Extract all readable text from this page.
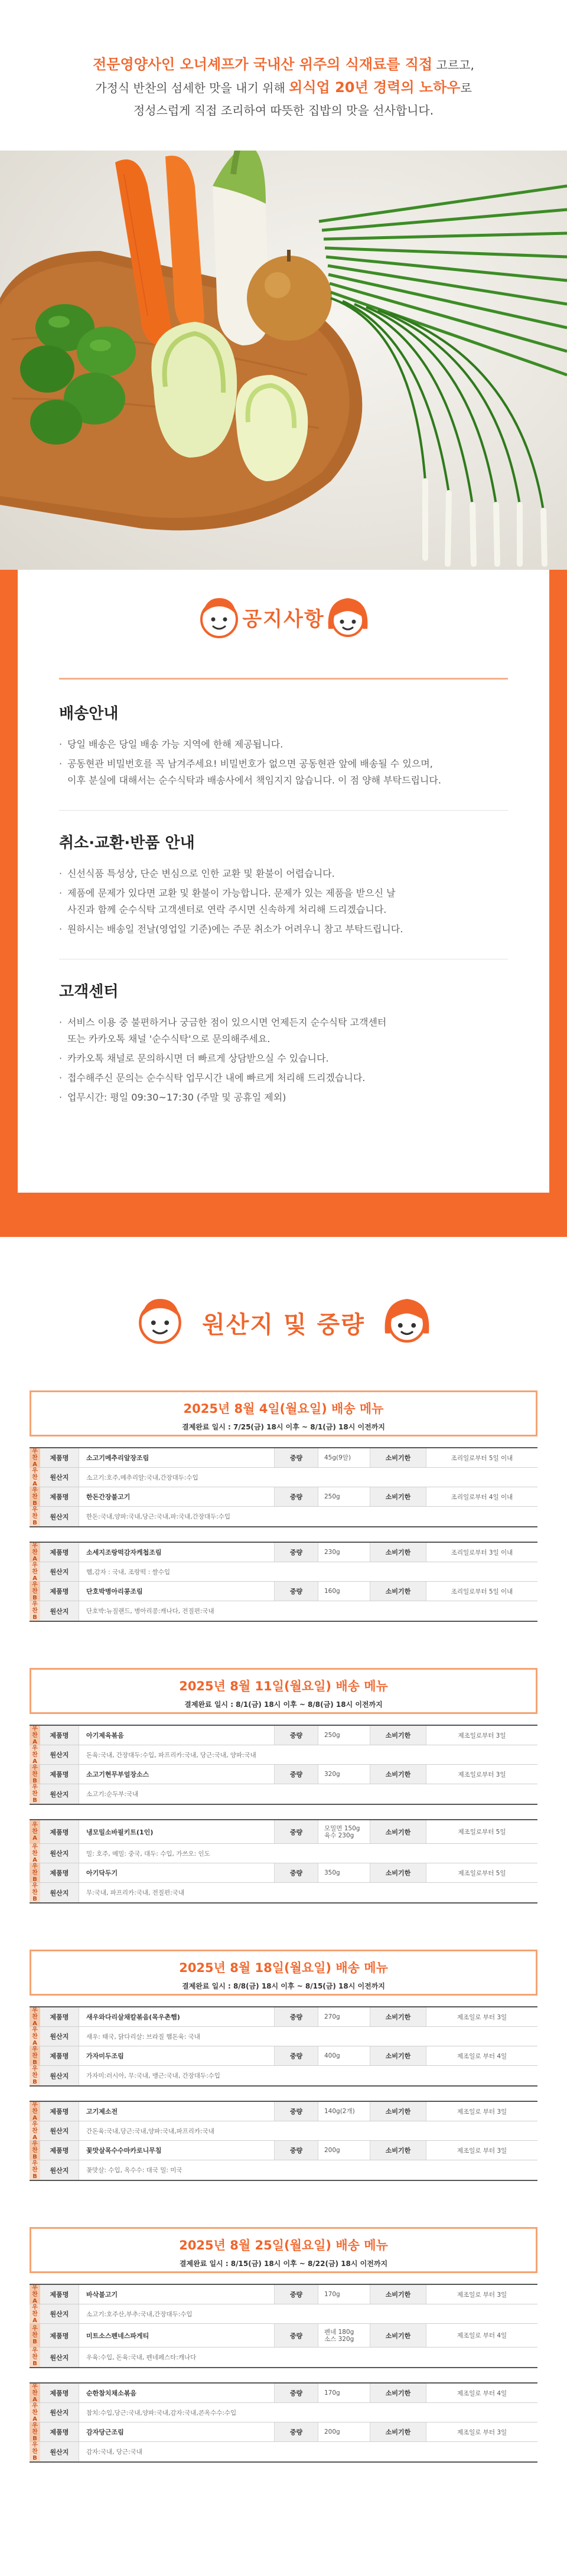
전문영양사인 오너셰프가 국내산 위주의 식재료를 직접 고르고,

가정식 반찬의 섬세한 맛을 내기 위해 외식업 20년 경력의 노하우로

정성스럽게 직접 조리하여 따뜻한 집밥의 맛을 선사합니다.

공지사항
배송안내
· 당일 배송은 당일 배송 가능 지역에 한해 제공됩니다.
· 공동현관 비밀번호를 꼭 남겨주세요! 비밀번호가 없으면 공동현관 앞에 배송될 수 있으며,
이후 분실에 대해서는 순수식탁과 배송사에서 책임지지 않습니다. 이 점 양해 부탁드립니다.
취소·교환·반품 안내
· 신선식품 특성상, 단순 변심으로 인한 교환 및 환불이 어렵습니다.
· 제품에 문제가 있다면 교환 및 환불이 가능합니다. 문제가 있는 제품을 받으신 날
사진과 함께 순수식탁 고객센터로 연락 주시면 신속하게 처리해 드리겠습니다.
· 원하시는 배송일 전날(영업일 기준)에는 주문 취소가 어려우니 참고 부탁드립니다.
고객센터
· 서비스 이용 중 불편하거나 궁금한 점이 있으시면 언제든지 순수식탁 고객센터
또는 카카오톡 채널 '순수식탁'으로 문의해주세요.
· 카카오톡 채널로 문의하시면 더 빠르게 상담받으실 수 있습니다.
· 접수해주신 문의는 순수식탁 업무시간 내에 빠르게 처리해 드리겠습니다.
· 업무시간: 평일 09:30~17:30 (주말 및 공휴일 제외)
원산지 및 중량
2025년 8월 4일(월요일) 배송 메뉴
결제완료 일시 : 7/25(금) 18시 이후 ~ 8/1(금) 18시 이전까지
우
찬
A
제품명	소고기메추리알장조림	중량	45g(9알)	소비기한	조리일로부터 5일 이내
우
찬
A
원산지	소고기:호주,메추리알:국내,간장대두:수입
우
찬
B
제품명	한돈간장불고기	중량	250g	소비기한	조리일로부터 4일 이내
우
찬
B
원산지	한돈:국내,양파:국내,당근:국내,파:국내,간장대두:수입
우
찬
A
제품명	소세지조랑떡감자케첩조림	중량	230g	소비기한	조리일로부터 3일 이내
우
찬
A
원산지	햄,감자 : 국내, 조랑떡 : 쌀수입
우
찬
B
제품명	단호박병아리콩조림	중량	160g	소비기한	조리일로부터 5일 이내
우
찬
B
원산지	단호박:뉴질랜드, 병아리콩:캐나다, 전질편:국내
2025년 8월 11일(월요일) 배송 메뉴
결제완료 일시 : 8/1(금) 18시 이후 ~ 8/8(금) 18시 이전까지
우
찬
A
제품명	아기제육볶음	중량	250g	소비기한	제조일로부터 3일
우
찬
A
원산지	돈육:국내, 간장대두:수입, 파프리카:국내, 당근:국내, 양파:국내
우
찬
B
제품명	소고기현무부얼장소스	중량	320g	소비기한	제조일로부터 3일
우
찬
B
원산지	소고기:순두부:국내
우
찬
A
제품명	냉모밀소바필키트(1인)	중량	모밀면 150g
육수 230g	소비기한	제조일로부터 5일
우
찬
A
원산지	밀: 호주, 메밀: 중국, 대두: 수입, 가쓰오: 인도
우
찬
B
제품명	아기닥두기	중량	350g	소비기한	제조일로부터 5일
우
찬
B
원산지	무:국내, 파프리카:국내, 전질편:국내
2025년 8월 18일(월요일) 배송 메뉴
결제완료 일시 : 8/8(금) 18시 이후 ~ 8/15(금) 18시 이전까지
우
찬
A
제품명	새우와다리살채칼볶음(목우촌햄)	중량	270g	소비기한	제조일로 부터 3일
우
찬
A
원산지	새우: 태국, 닭다리살: 브라질 햄돈육: 국내
우
찬
B
제품명	가자미두조림	중량	400g	소비기한	제조일로 부터 4일
우
찬
B
원산지	가자미:러시아, 무:국내, 맹근:국내, 간장대두:수입
우
찬
A
제품명	고기제소전	중량	140g(2개)	소비기한	제조일로 부터 3일
우
찬
A
원산지	간돈육:국내,당근:국내,양파:국내,파프리카:국내
우
찬
B
제품명	꽃맛살목수수마카로니무침	중량	200g	소비기한	제조일로 부터 3일
우
찬
B
원산지	꽃맛살: 수입, 옥수수: 대국 밀: 미국
2025년 8월 25일(월요일) 배송 메뉴
결제완료 일시 : 8/15(금) 18시 이후 ~ 8/22(금) 18시 이전까지
우
찬
A
제품명	바삭불고기	중량	170g	소비기한	제조일로 부터 3일
우
찬
A
원산지	소고기:호주산,부추:국내,간장대두:수입
우
찬
B
제품명	미트소스펜네스파게티	중량	펜네 180g
소스 320g	소비기한	제조일로 부터 4일
우
찬
B
원산지	우육:수입, 돈육:국내, 펜네페스타:캐나다
우
찬
A
제품명	순한참치채소볶음	중량	170g	소비기한	제조일로 부터 4일
우
찬
A
원산지	참치:수입,당근:국내,양파:국내,감자:국내,콘옥수수:수입
우
찬
B
제품명	감자당근조림	중량	200g	소비기한	제조일로 부터 3일
우
찬
B
원산지	감자:국내, 당근:국내
